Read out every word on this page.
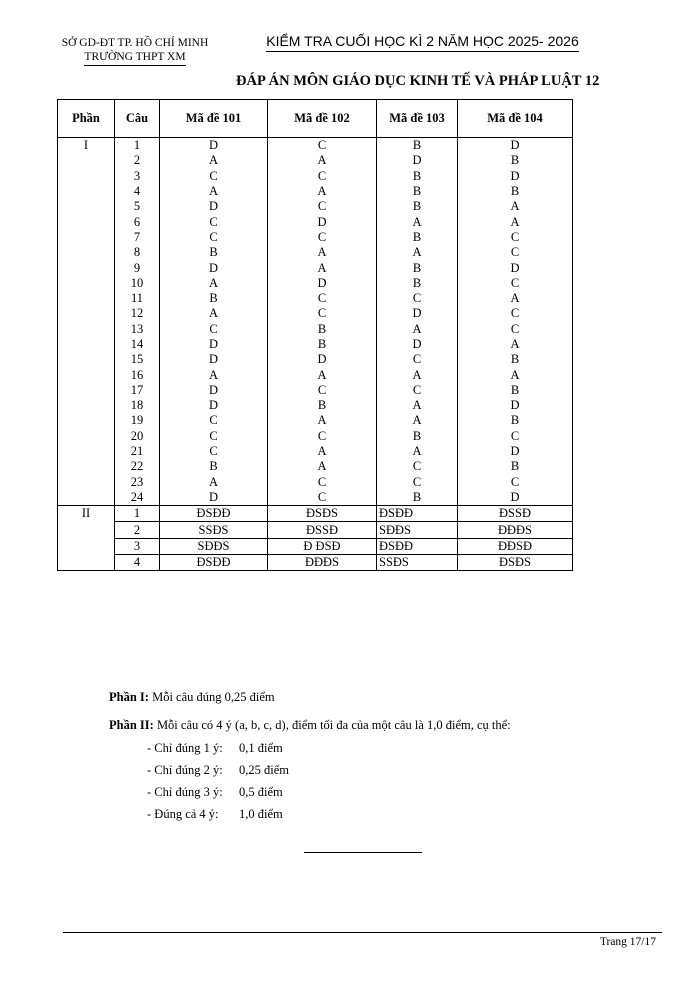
SỞ GD-ĐT TP. HỒ CHÍ MINH
TRƯỜNG THPT XM
KIỂM TRA CUỐI HỌC KÌ 2 NĂM HỌC 2025- 2026
ĐÁP ÁN MÔN GIÁO DỤC KINH TẾ VÀ PHÁP LUẬT 12
Phần	Câu	Mã đề 101	Mã đề 102	Mã đề 103	Mã đề 104
I	1	D	C	B	D
	2	A	A	D	B
	3	C	C	B	D
	4	A	A	B	B
	5	D	C	B	A
	6	C	D	A	A
	7	C	C	B	C
	8	B	A	A	C
	9	D	A	B	D
	10	A	D	B	C
	11	B	C	C	A
	12	A	C	D	C
	13	C	B	A	C
	14	D	B	D	A
	15	D	D	C	B
	16	A	A	A	A
	17	D	C	C	B
	18	D	B	A	D
	19	C	A	A	B
	20	C	C	B	C
	21	C	A	A	D
	22	B	A	C	B
	23	A	C	C	C
	24	D	C	B	D
II	1	ĐSĐĐ	ĐSĐS	ĐSĐĐ	ĐSSĐ
	2	SSĐS	ĐSSĐ	SĐĐS	ĐĐĐS
	3	SĐĐS	Đ ĐSĐ	ĐSĐĐ	ĐĐSĐ
	4	ĐSĐĐ	ĐĐĐS	SSĐS	ĐSĐS
Phần I: Mỗi câu đúng 0,25 điểm
Phần II: Mỗi câu có 4 ý (a, b, c, d), điểm tối đa của một câu là 1,0 điểm, cụ thể:
- Chỉ đúng 1 ý: 0,1 điểm
- Chỉ đúng 2 ý: 0,25 điểm
- Chỉ đúng 3 ý: 0,5 điểm
- Đúng cả 4 ý: 1,0 điểm
Trang 17/17
